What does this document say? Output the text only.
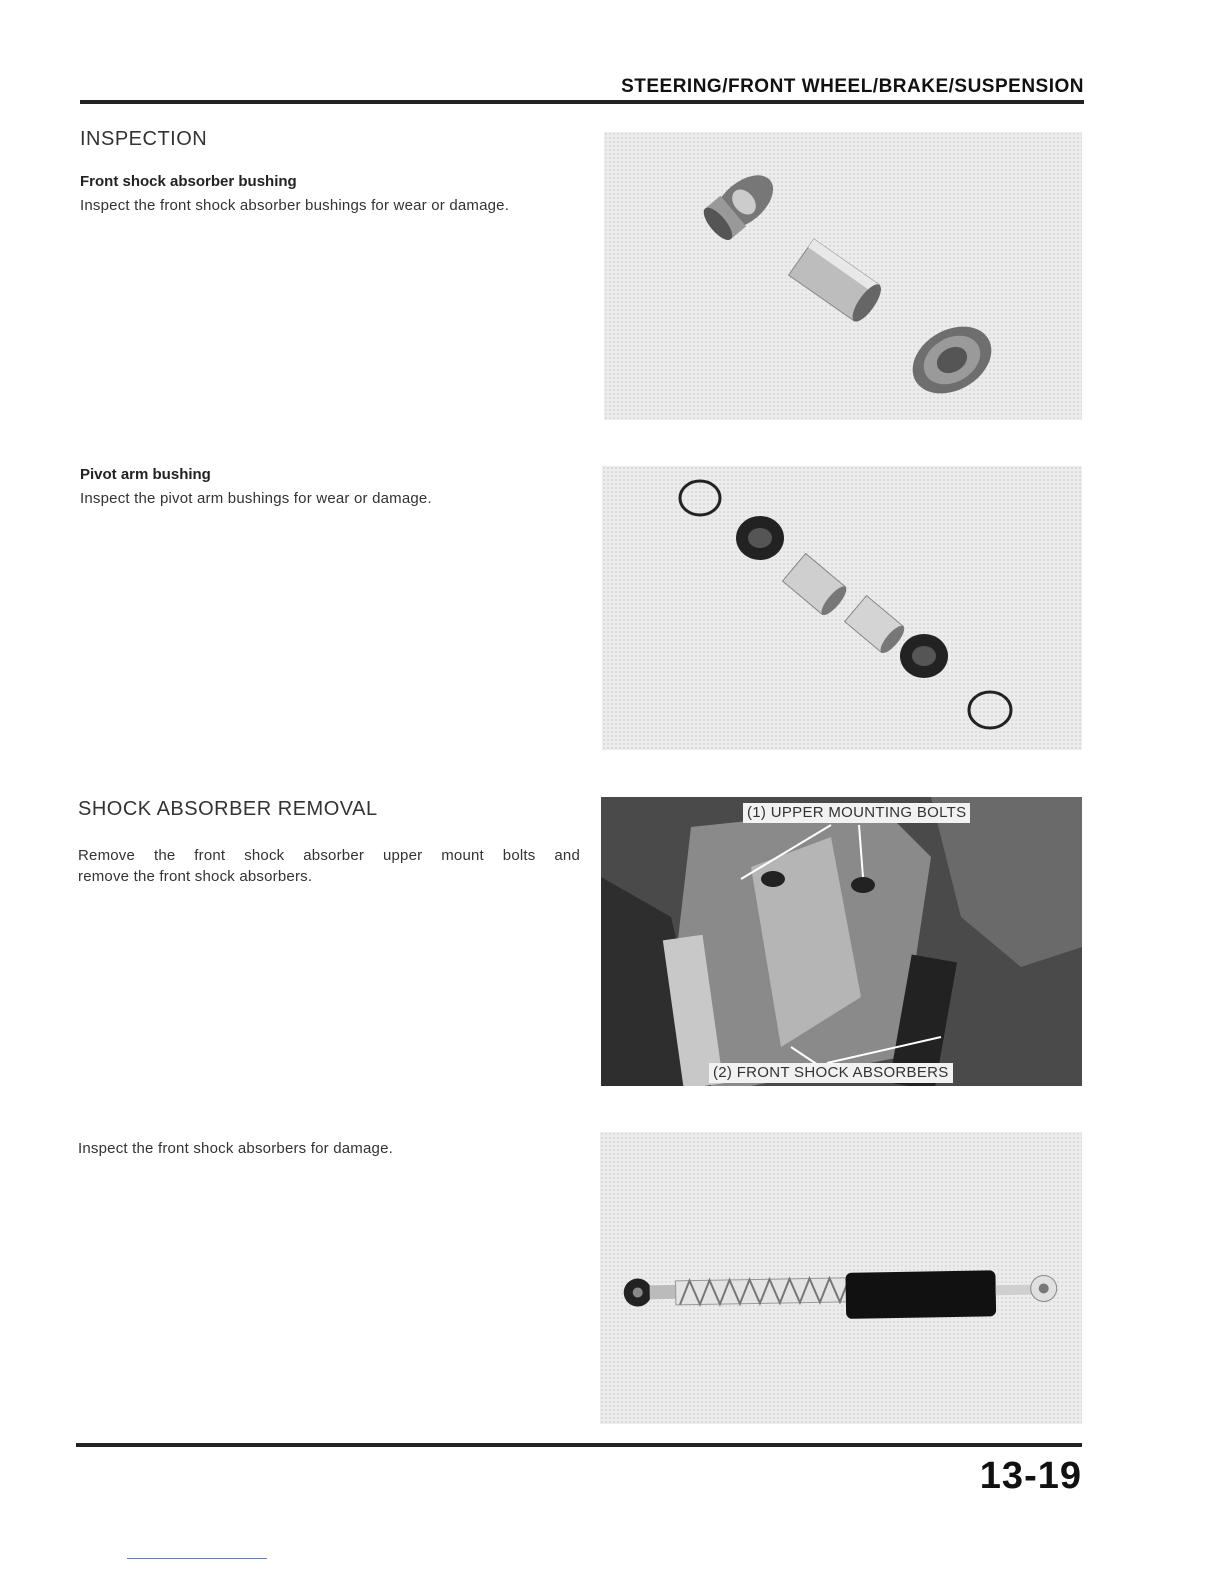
STEERING/FRONT WHEEL/BRAKE/SUSPENSION
INSPECTION
Front shock absorber bushing
Inspect the front shock absorber bushings for wear or damage.
Pivot arm bushing
Inspect the pivot arm bushings for wear or damage.
SHOCK ABSORBER REMOVAL
Remove the front shock absorber upper mount bolts and
remove the front shock absorbers.
(1) UPPER MOUNTING BOLTS
(2) FRONT SHOCK ABSORBERS
Inspect the front shock absorbers for damage.
13-19
